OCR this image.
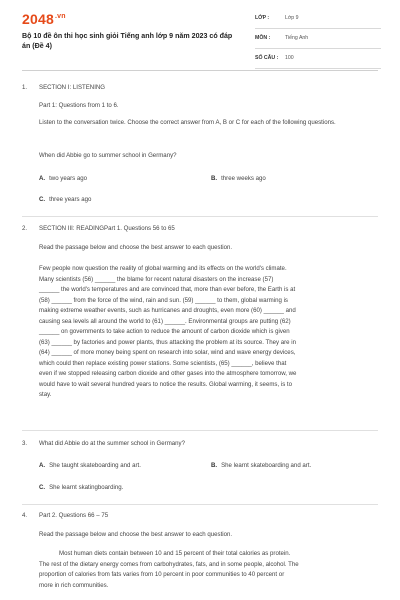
$2048^{.vn}$
Bộ 10 đề ôn thi học sinh giỏi Tiếng anh lớp 9 năm 2023 có đáp án (Đề 4)
LỚP :	Lớp 9
MÔN :	Tiếng Anh
SỐ CÂU : 100
1. SECTION I: LISTENING
Part 1: Questions from 1 to 6.
Listen to the conversation twice. Choose the correct answer from A, B or C for each of the following questions.
When did Abbie go to summer school in Germany?
A. two years ago	B. three weeks ago
C. three years ago
2. SECTION III: READINGPart 1. Questions 56 to 65
Read the passage below and choose the best answer to each question.
Few people now question the reality of global warming and its effects on the world's climate.
Many scientists (56) ______ the blame for recent natural disasters on the increase (57)
______ the world's temperatures and are convinced that, more than ever before, the Earth is at
(58) ______ from the force of the wind, rain and sun. (59) ______ to them, global warming is
making extreme weather events, such as hurricanes and droughts, even more (60) ______ and
causing sea levels all around the world to (61) ______. Environmental groups are putting (62)
______ on governments to take action to reduce the amount of carbon dioxide which is given
(63) ______ by factories and power plants, thus attacking the problem at its source. They are in
(64) ______ of more money being spent on research into solar, wind and wave energy devices,
which could then replace existing power stations. Some scientists, (65) ______, believe that
even if we stopped releasing carbon dioxide and other gases into the atmosphere tomorrow, we
would have to wait several hundred years to notice the results. Global warming, it seems, is to
stay.
3. What did Abbie do at the summer school in Germany?
A. She taught skateboarding and art.	B. She learnt skateboarding and art.
C. She learnt skatingboarding.
4. Part 2. Questions 66 – 75
Read the passage below and choose the best answer to each question.
Most human diets contain between 10 and 15 percent of their total calories as protein.
The rest of the dietary energy comes from carbohydrates, fats, and in some people, alcohol. The
proportion of calories from fats varies from 10 percent in poor communities to 40 percent or
more in rich communities.
